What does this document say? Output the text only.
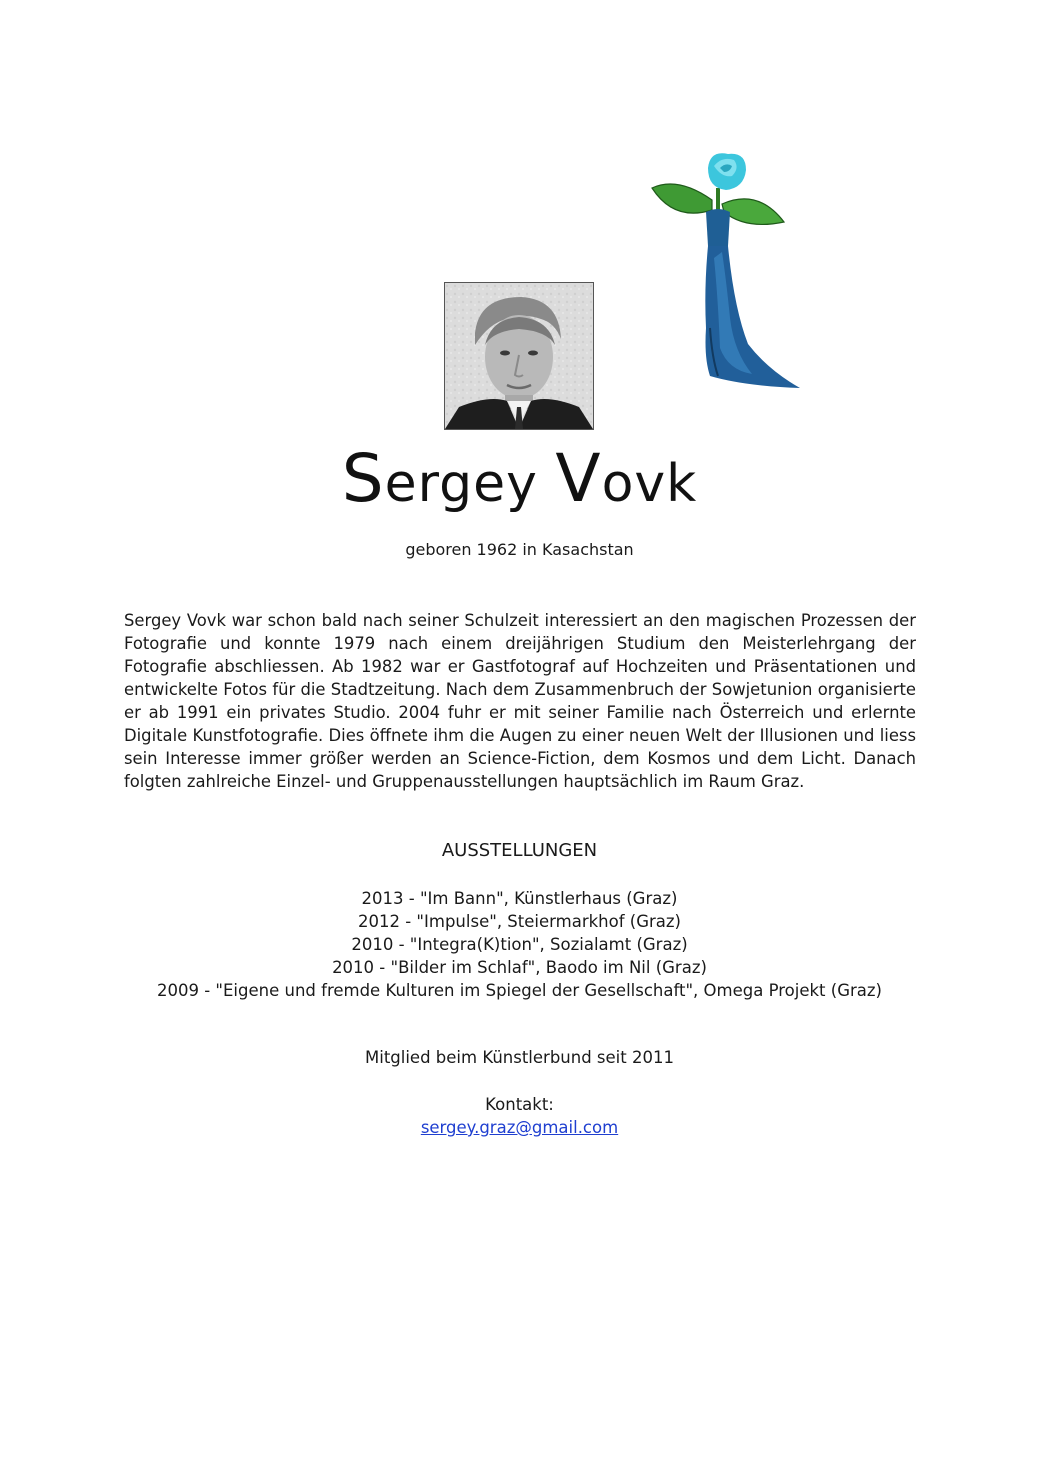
Sergey Vovk
geboren 1962 in Kasachstan

Sergey Vovk war schon bald nach seiner Schulzeit interessiert an den magischen Prozessen der Fotografie und konnte 1979 nach einem dreijährigen Studium den Meisterlehrgang der Fotografie abschliessen. Ab 1982 war er Gastfotograf auf Hochzeiten und Präsentationen und entwickelte Fotos für die Stadtzeitung. Nach dem Zusammenbruch der Sowjetunion organisierte er ab 1991 ein privates Studio. 2004 fuhr er mit seiner Familie nach Österreich und erlernte Digitale Kunstfotografie. Dies öffnete ihm die Augen zu einer neuen Welt der Illusionen und liess sein Interesse immer größer werden an Science-Fiction, dem Kosmos und dem Licht. Danach folgten zahlreiche Einzel- und Gruppenausstellungen hauptsächlich im Raum Graz.

AUSSTELLUNGEN
2013 - "Im Bann", Künstlerhaus (Graz)
2012 - "Impulse", Steiermarkhof (Graz)
2010 - "Integra(K)tion", Sozialamt (Graz)
2010 - "Bilder im Schlaf", Baodo im Nil (Graz)
2009 - "Eigene und fremde Kulturen im Spiegel der Gesellschaft", Omega Projekt (Graz)
Mitglied beim Künstlerbund seit 2011
Kontakt:
sergey.graz@gmail.com
